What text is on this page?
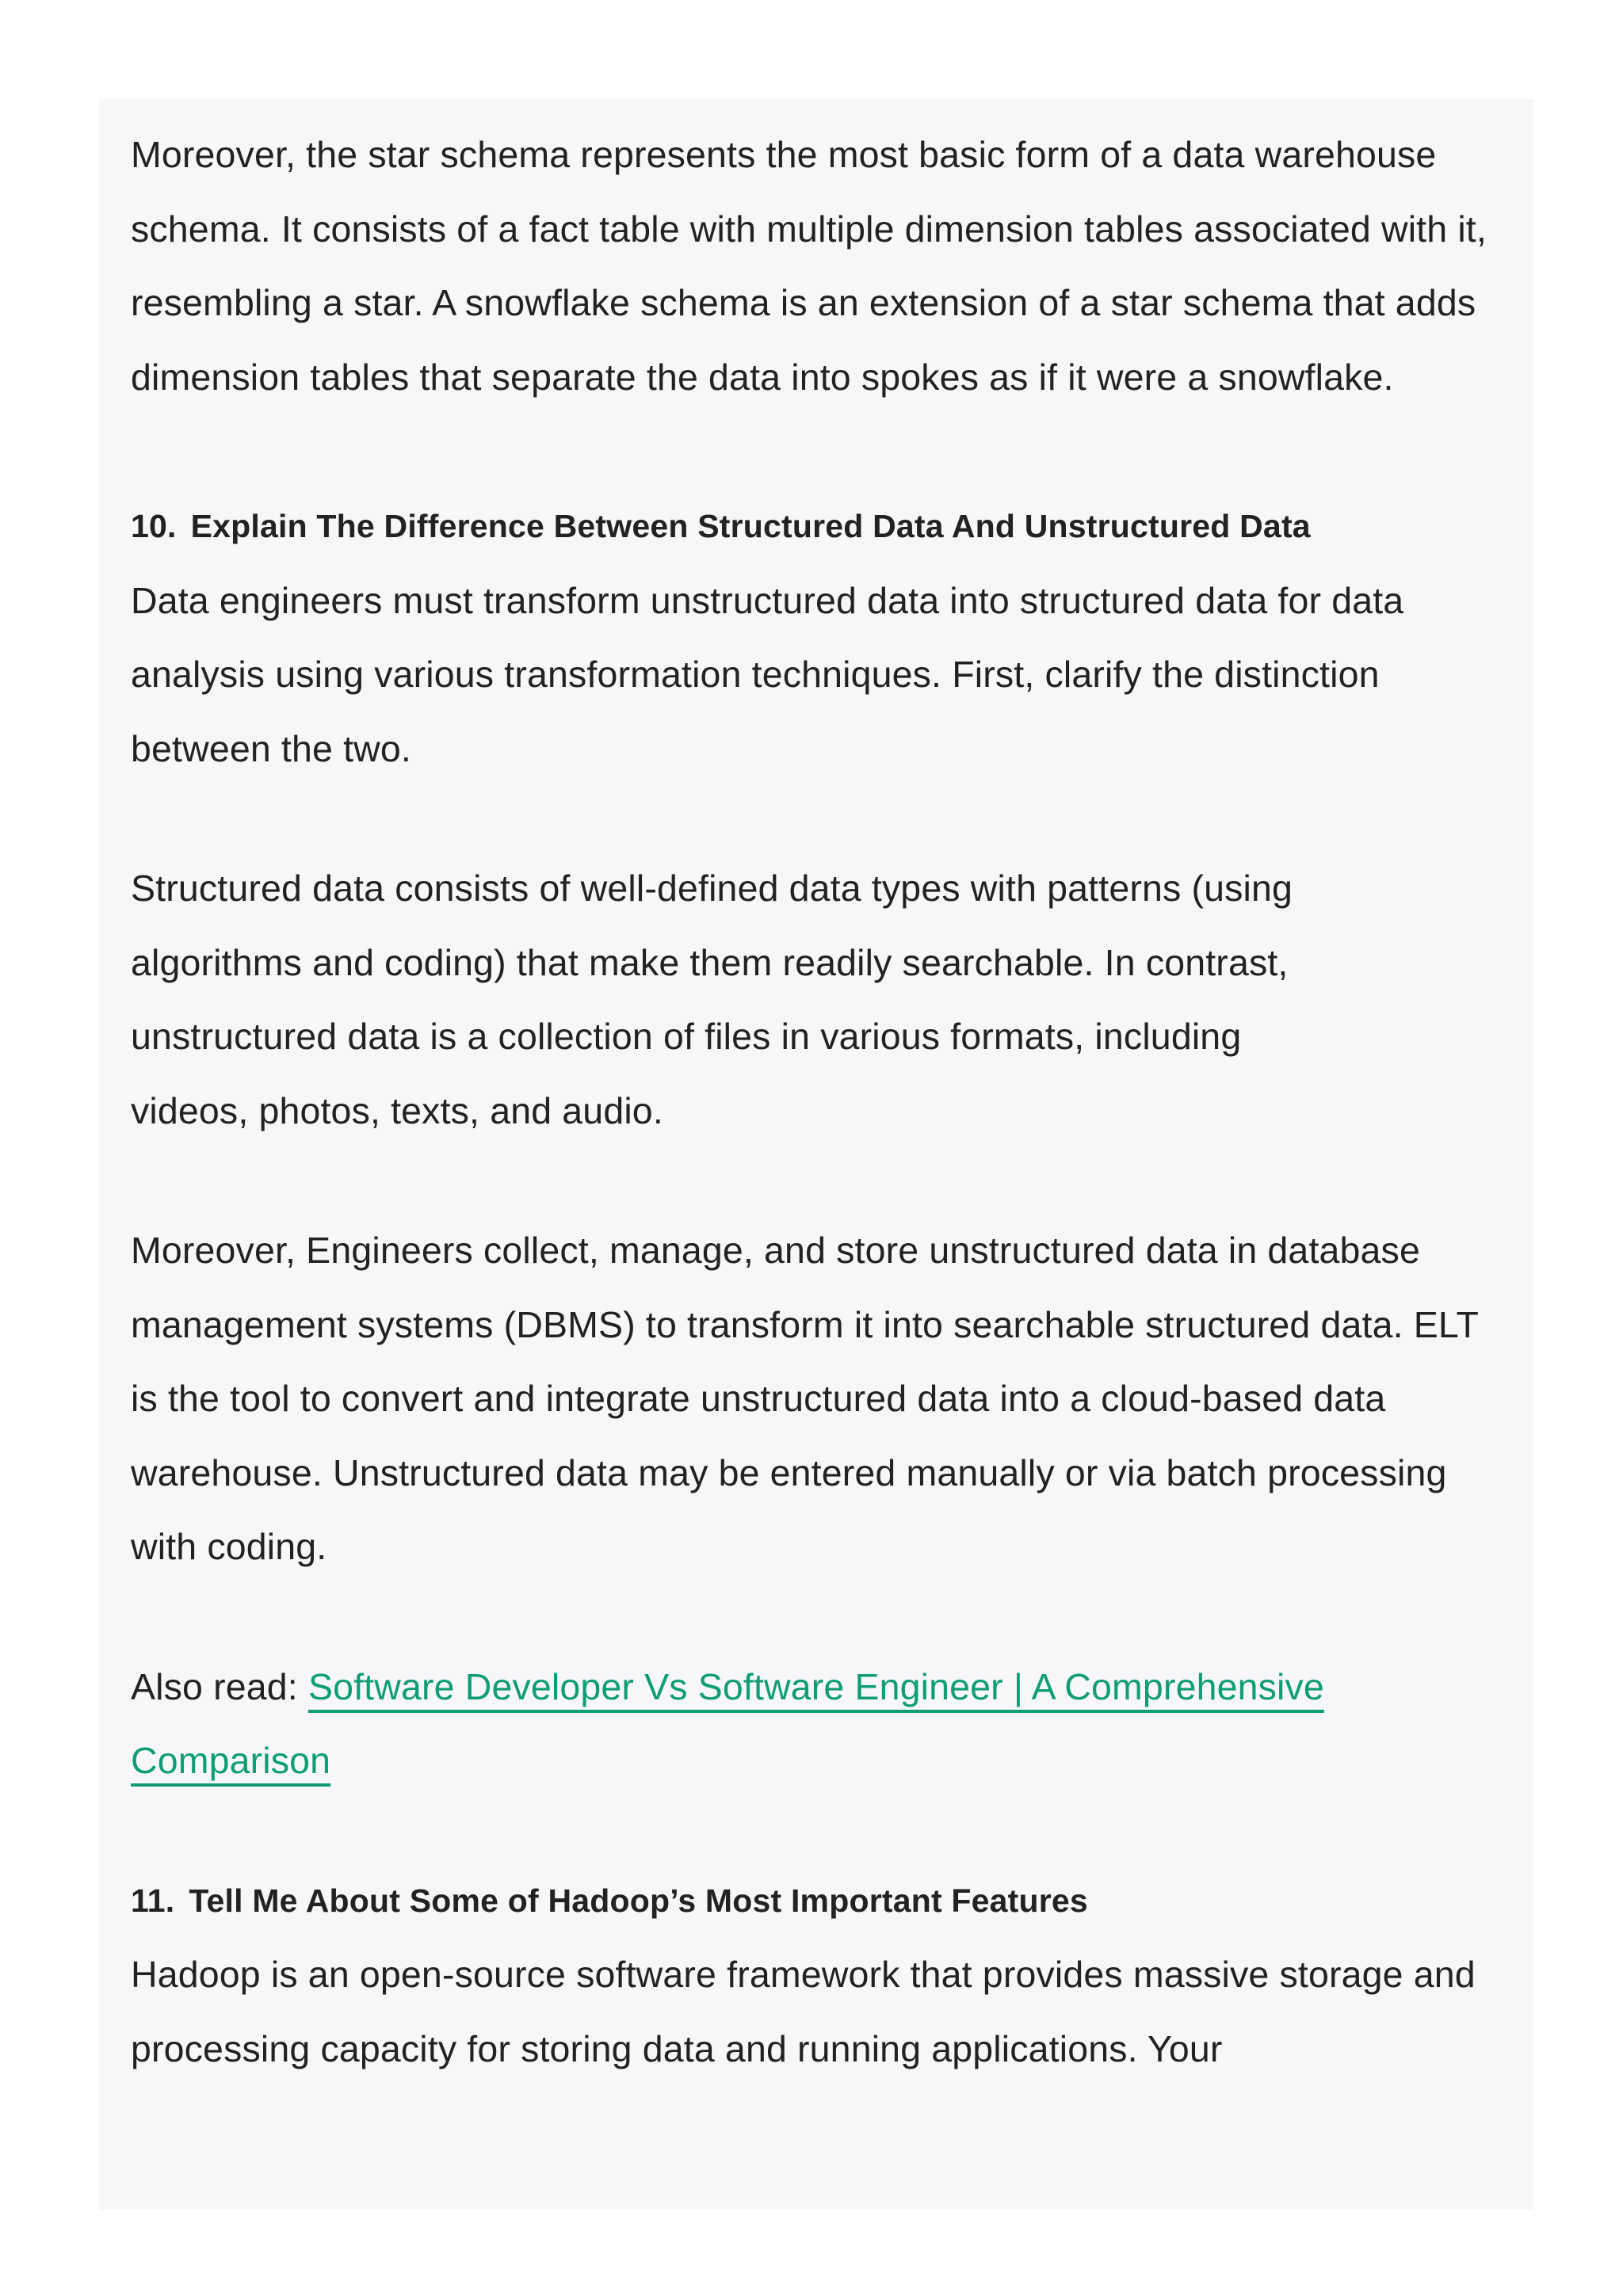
Moreover, the star schema represents the most basic form of a data warehouse schema. It consists of a fact table with multiple dimension tables associated with it, resembling a star. A snowflake schema is an extension of a star schema that adds dimension tables that separate the data into spokes as if it were a snowflake.

10. Explain The Difference Between Structured Data And Unstructured Data

Data engineers must transform unstructured data into structured data for data analysis using various transformation techniques. First, clarify the distinction between the two.

Structured data consists of well-defined data types with patterns (using algorithms and coding) that make them readily searchable. In contrast, unstructured data is a collection of files in various formats, including videos, photos, texts, and audio.

Moreover, Engineers collect, manage, and store unstructured data in database management systems (DBMS) to transform it into searchable structured data. ELT is the tool to convert and integrate unstructured data into a cloud-based data warehouse. Unstructured data may be entered manually or via batch processing with coding.

Also read: Software Developer Vs Software Engineer | A Comprehensive Comparison

11. Tell Me About Some of Hadoop’s Most Important Features

Hadoop is an open-source software framework that provides massive storage and processing capacity for storing data and running applications. Your
